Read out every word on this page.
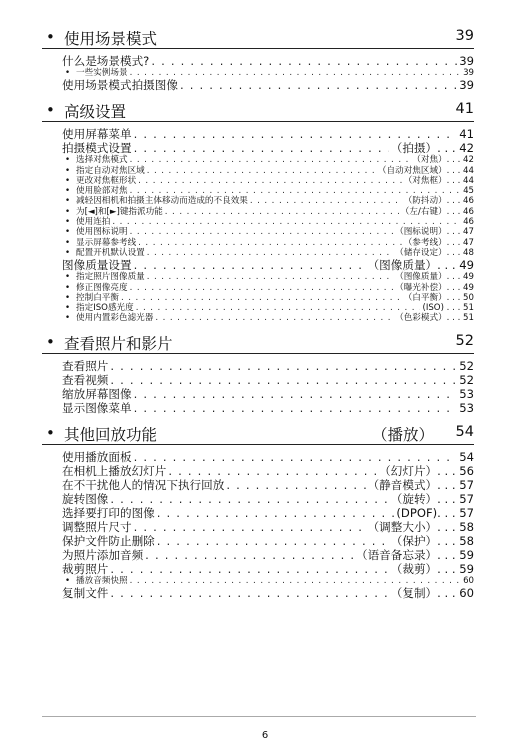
• 使用场景模式	39
什么是场景模式? . . .	39
• 一些实例场景 . . .	39
使用场景模式拍摄图像 . . .	39
• 高级设置	41
使用屏幕菜单 . . .	41
拍摄模式设置 . . .	（拍摄）. . . 42
• 选择对焦模式 . . .	（对焦）. . . 42
• 指定自动对焦区域 . . .	（自动对焦区域）. . . 44
• 更改对焦框形状 . . .	（对焦框）. . . 44
• 使用脸部对焦 . . .	45
• 减轻因相机和拍摄主体移动而造成的不良效果 . . .	（防抖动）. . . 46
• 为[◄]和[►]键指派功能 . . .	（左/右键）. . . 46
• 使用连拍 . . .	46
• 使用图标说明 . . .	（图标说明）. . . 47
• 显示屏幕参考线 . . .	（参考线）. . . 47
• 配置开机默认设置 . . .	（储存设定）. . . 48
图像质量设置 . . .	（图像质量）. . . 49
• 指定照片图像质量 . . .	（图像质量）. . . 49
• 修正图像亮度 . . .	（曝光补偿）. . . 49
• 控制白平衡 . . .	（白平衡）. . . 50
• 指定ISO感光度 . . .	(ISO) . . . 51
• 使用内置彩色滤光器 . . .	（色彩模式）. . . 51
• 查看照片和影片	52
查看照片 . . .	52
查看视频 . . .	52
缩放屏幕图像 . . .	53
显示图像菜单 . . .	53
• 其他回放功能	（播放） 54
使用播放面板 . . .	54
在相机上播放幻灯片 . . .	（幻灯片）. . . 56
在不干扰他人的情况下执行回放 . . .	（静音模式）. . . 57
旋转图像 . . .	（旋转）. . . 57
选择要打印的图像 . . .	(DPOF). . . 57
调整照片尺寸 . . .	（调整大小）. . . 58
保护文件防止删除 . . .	（保护）. . . 58
为照片添加音频 . . .	（语音备忘录）. . . 59
裁剪照片 . . .	（裁剪）. . . 59
• 播放音频快照 . . .	60
复制文件 . . .	（复制）. . . 60
6
